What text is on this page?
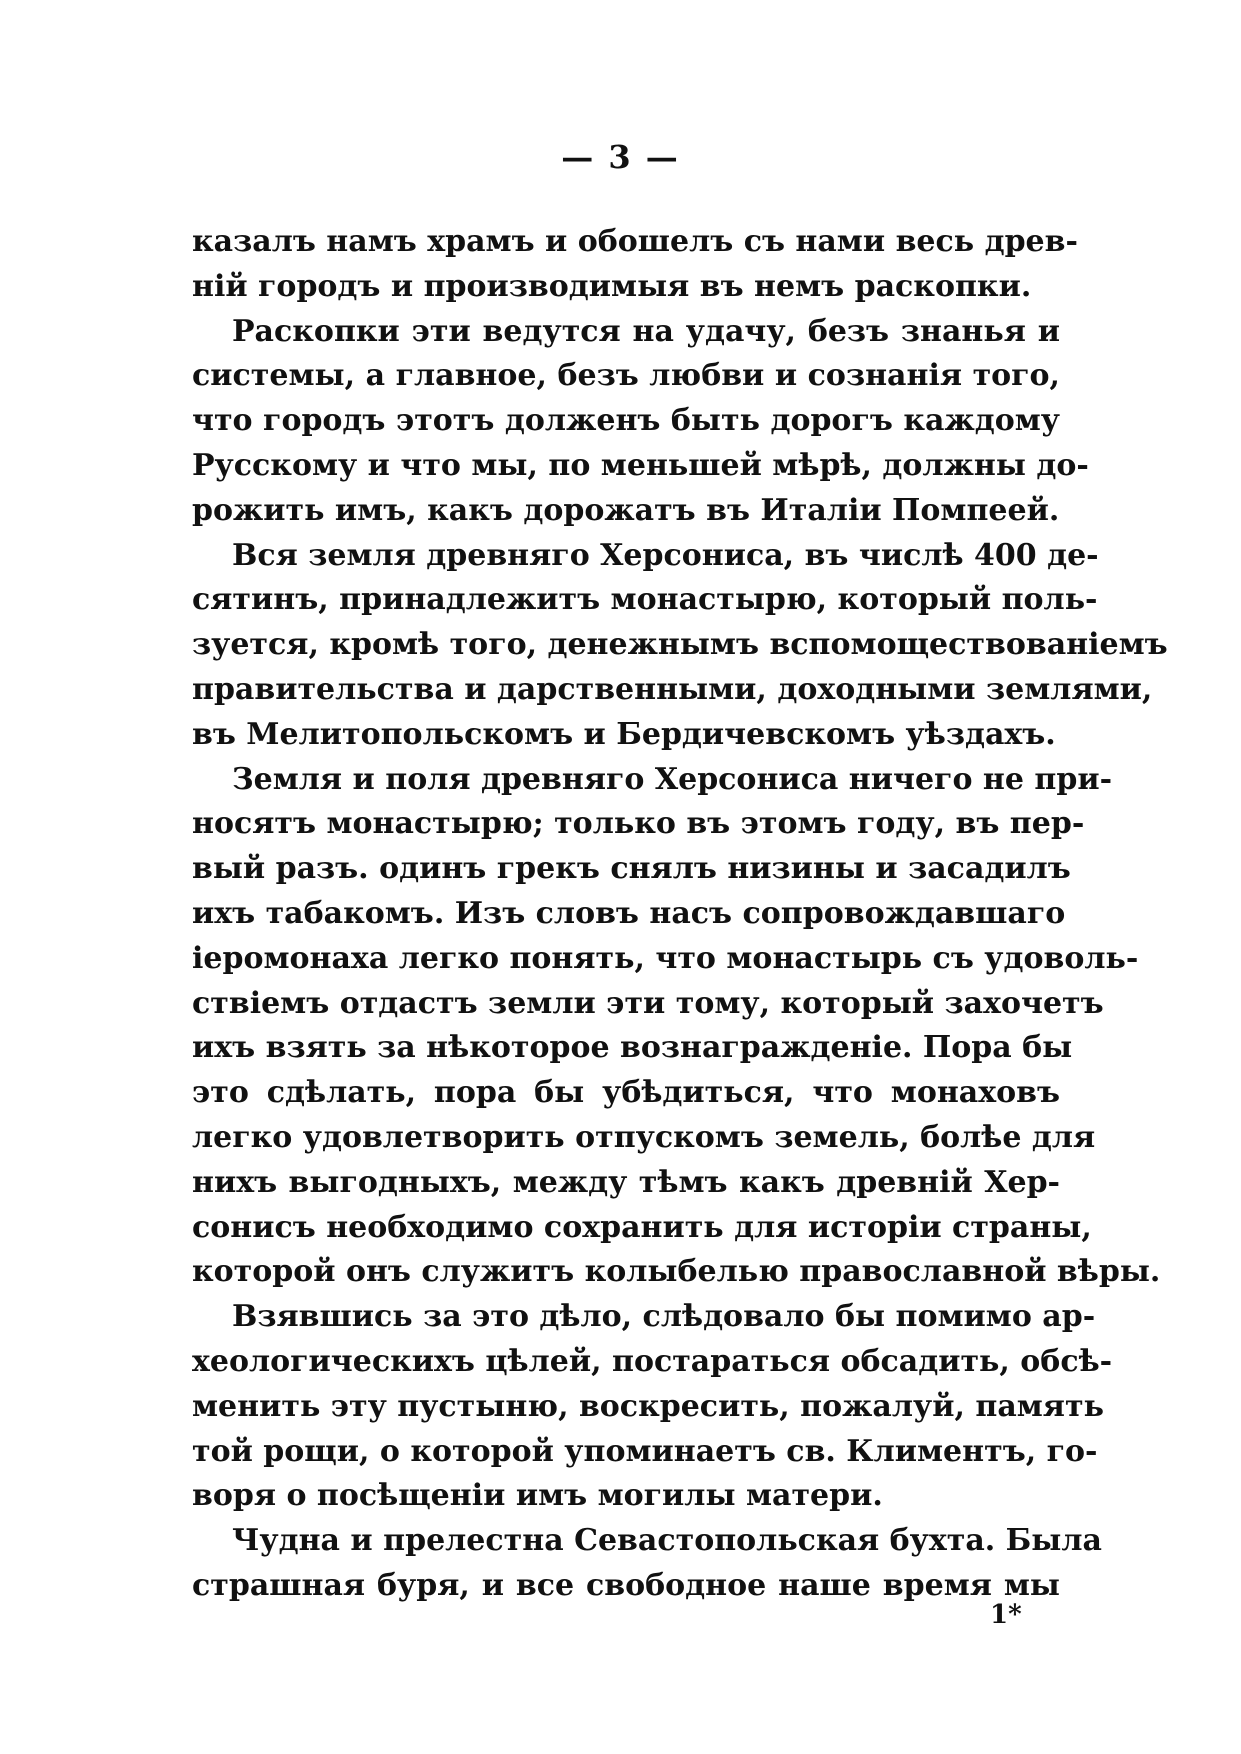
— 3 —
казалъ намъ храмъ и обошелъ съ нами весь древ-
ній городъ и производимыя въ немъ раскопки.
Раскопки эти ведутся на удачу, безъ знанья и
системы, а главное, безъ любви и сознанія того,
что городъ этотъ долженъ быть дорогъ каждому
Русскому и что мы, по меньшей мѣрѣ, должны до-
рожить имъ, какъ дорожатъ въ Италіи Помпеей.
Вся земля древняго Херсониса, въ числѣ 400 де-
сятинъ, принадлежитъ монастырю, который поль-
зуется, кромѣ того, денежнымъ вспомоществованіемъ
правительства и дарственными, доходными землями,
въ Мелитопольскомъ и Бердичевскомъ уѣздахъ.
Земля и поля древняго Херсониса ничего не при-
носятъ монастырю; только въ этомъ году, въ пер-
вый разъ. одинъ грекъ снялъ низины и засадилъ
ихъ табакомъ. Изъ словъ насъ сопровождавшаго
іеромонаха легко понять, что монастырь съ удоволь-
ствіемъ отдастъ земли эти тому, который захочетъ
ихъ взять за нѣкоторое вознагражденіе. Пора бы
это сдѣлать, пора бы убѣдиться, что монаховъ
легко удовлетворить отпускомъ земель, болѣе для
нихъ выгодныхъ, между тѣмъ какъ древній Хер-
сонисъ необходимо сохранить для исторіи страны,
которой онъ служитъ колыбелью православной вѣры.
Взявшись за это дѣло, слѣдовало бы помимо ар-
хеологическихъ цѣлей, постараться обсадить, обсѣ-
менить эту пустыню, воскресить, пожалуй, память
той рощи, о которой упоминаетъ св. Климентъ, го-
воря о посѣщеніи имъ могилы матери.
Чудна и прелестна Севастопольская бухта. Была
страшная буря, и все свободное наше время мы
1*
